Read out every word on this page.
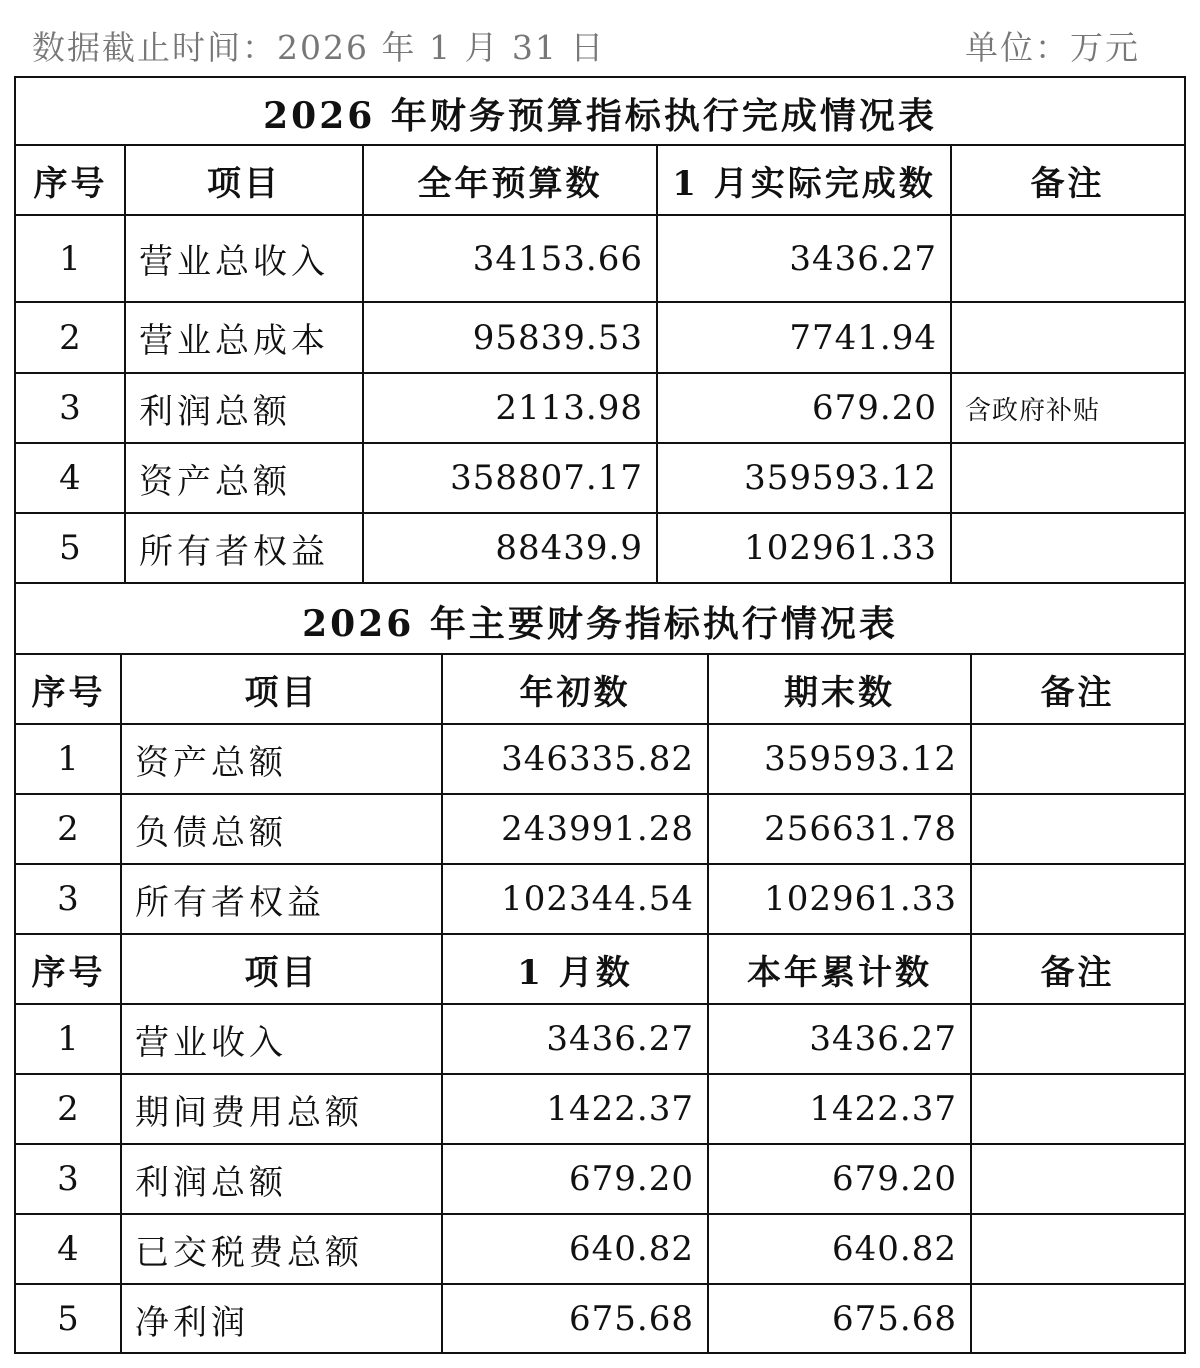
数据截止时间：2026 年 1 月 31 日	单位：万元
2026 年财务预算指标执行完成情况表
2026 年主要财务指标执行情况表
序号	项目	全年预算数	1 月实际完成数	备注
1	营业总收入	34153.66	3436.27
2	营业总成本	95839.53	7741.94
3	利润总额	2113.98	679.20	含政府补贴
4	资产总额	358807.17	359593.12
5	所有者权益	88439.9	102961.33
序号	项目	年初数	期末数	备注
1	资产总额	346335.82	359593.12
2	负债总额	243991.28	256631.78
3	所有者权益	102344.54	102961.33
序号	项目	1 月数	本年累计数	备注
1	营业收入	3436.27	3436.27
2	期间费用总额	1422.37	1422.37
3	利润总额	679.20	679.20
4	已交税费总额	640.82	640.82
5	净利润	675.68	675.68
